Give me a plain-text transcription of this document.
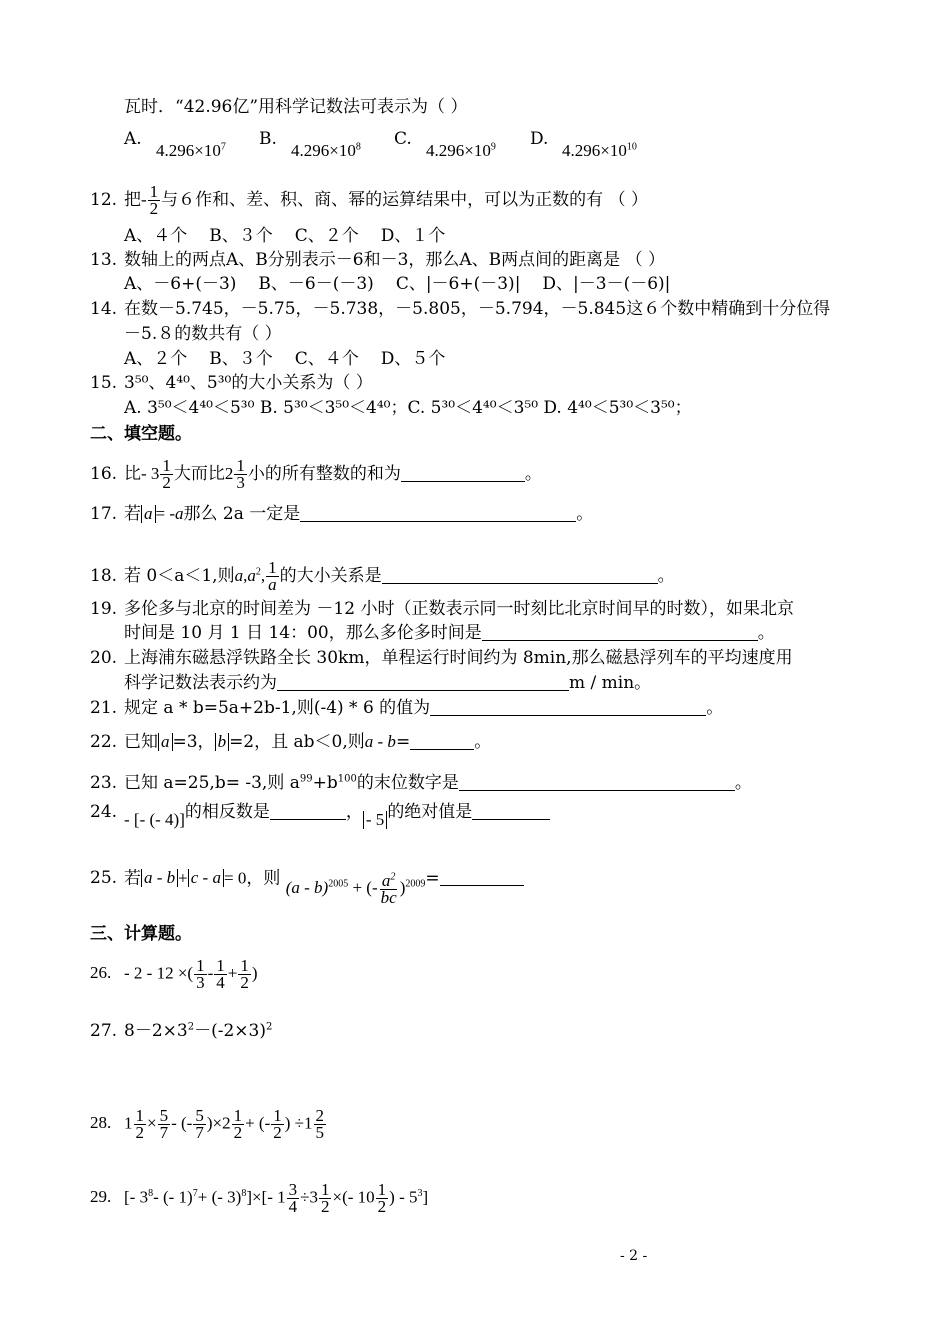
瓦时．“42.96亿”用科学记数法可表示为（ ）
A.
$4.296\times 10^7$ B.
$4.296\times 10^8$ C.
$4.296\times 10^9$ D.
$4.296\times 10^{10}$
12. 把- $\frac{1}{2}$ 与６作和、差、积、商、幂的运算结果中，可以为正数的有 （ ）
A、４个 B、３个 C、２个 D、１个
13. 数轴上的两点A、B分别表示－6和－3，那么A、B两点间的距离是 （ ）
A、－6+(－3) B、－6－(－3) C、|－6+(－3)| D、|－3－(－6)|
14. 在数－5.745，－5.75，－5.738，－5.805，－5.794，－5.845这６个数中精确到十分位得
－5.８的数共有（ ）
A、２个 B、３个 C、４个 D、５个
15. 3⁵⁰、4⁴⁰、5³⁰的大小关系为（ ）
A. 3⁵⁰＜4⁴⁰＜5³⁰ B. 5³⁰＜3⁵⁰＜4⁴⁰；C. 5³⁰＜4⁴⁰＜3⁵⁰ D. 4⁴⁰＜5³⁰＜3⁵⁰；
二、填空题。
16. 比- $3 \frac{1}{2}$ 大而比$2 \frac{1}{3}$ 小的所有整数的和为	。
17. 若 a = -a那么 2a 一定是	。
18. 若 0＜a＜1,则$a,a^2$, $\frac{1}{a}$ 的大小关系是	。
19. 多伦多与北京的时间差为 －12 小时（正数表示同一时刻比北京时间早的时数），如果北京
时间是 10 月 1 日 14：00，那么多伦多时间是	。
20. 上海浦东磁悬浮铁路全长 30km，单程运行时间约为 8min,那么磁悬浮列车的平均速度用
科学记数法表示约为	m / min。
21. 规定 a * b=5a+2b-1,则(-4) * 6 的值为	。
22. 已知 a =3， b =2，且 ab＜0,则a - b=	。
23. 已知 a=25,b= -3,则 $a^{99}+b^{100}$的末位数字是	。
24. - [- (- 4)]的相反数是	， - 5 的绝对值是
25. 若 a - b + c - a = 0，则 (a - b)$^{2005}$ + (- $\frac{a^2}{bc} )^{2009}=$
三、计算题。
26. - 2 - 12 ×( $\frac{1}{3} - \frac{1}{4} + \frac{1}{2}$ )
27. $8-2\times 3^2-(-2\times 3)^2$
28. $1 \frac{1}{2} \times \frac{5}{7}$ - (- $\frac{5}{7} )\times 2 \frac{1}{2}$ + (- $\frac{1}{2}$ ) $\div 1 \frac{2}{5}$
29. [- $3^8-$ (- 1)$^7$+ (- 3)$^8$]×[- $1 \frac{3}{4} \div 3 \frac{1}{2}$ ×(- $10 \frac{1}{2}$ ) - $5^3$]
- 2 -
